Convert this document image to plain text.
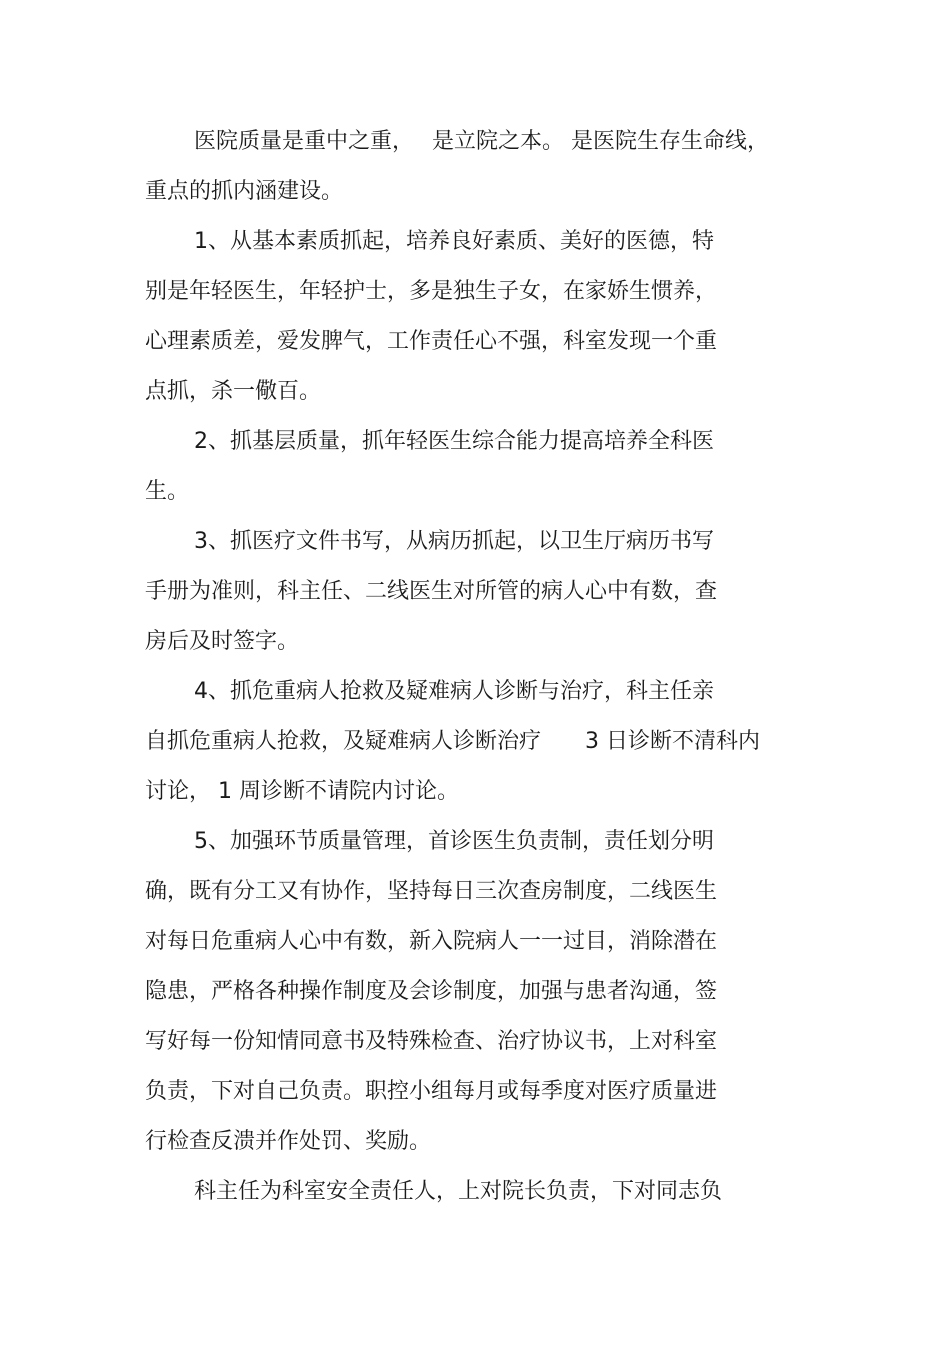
医院质量是重中之重，　 是立院之本。 是医院生存生命线，
重点的抓内涵建设。
1、从基本素质抓起，培养良好素质、美好的医德，特
别是年轻医生，年轻护士，多是独生子女，在家娇生惯养，
心理素质差，爱发脾气，工作责任心不强，科室发现一个重
点抓，杀一儆百。
2、抓基层质量，抓年轻医生综合能力提高培养全科医
生。
3、抓医疗文件书写，从病历抓起，以卫生厅病历书写
手册为准则，科主任、二线医生对所管的病人心中有数，查
房后及时签字。
4、抓危重病人抢救及疑难病人诊断与治疗，科主任亲
自抓危重病人抢救，及疑难病人诊断治疗　　3 日诊断不清科内
讨论， 1 周诊断不请院内讨论。
5、加强环节质量管理，首诊医生负责制，责任划分明
确，既有分工又有协作，坚持每日三次查房制度，二线医生
对每日危重病人心中有数，新入院病人一一过目，消除潜在
隐患，严格各种操作制度及会诊制度，加强与患者沟通，签
写好每一份知情同意书及特殊检查、治疗协议书，上对科室
负责，下对自己负责。职控小组每月或每季度对医疗质量进
行检查反溃并作处罚、奖励。
科主任为科室安全责任人，上对院长负责，下对同志负
